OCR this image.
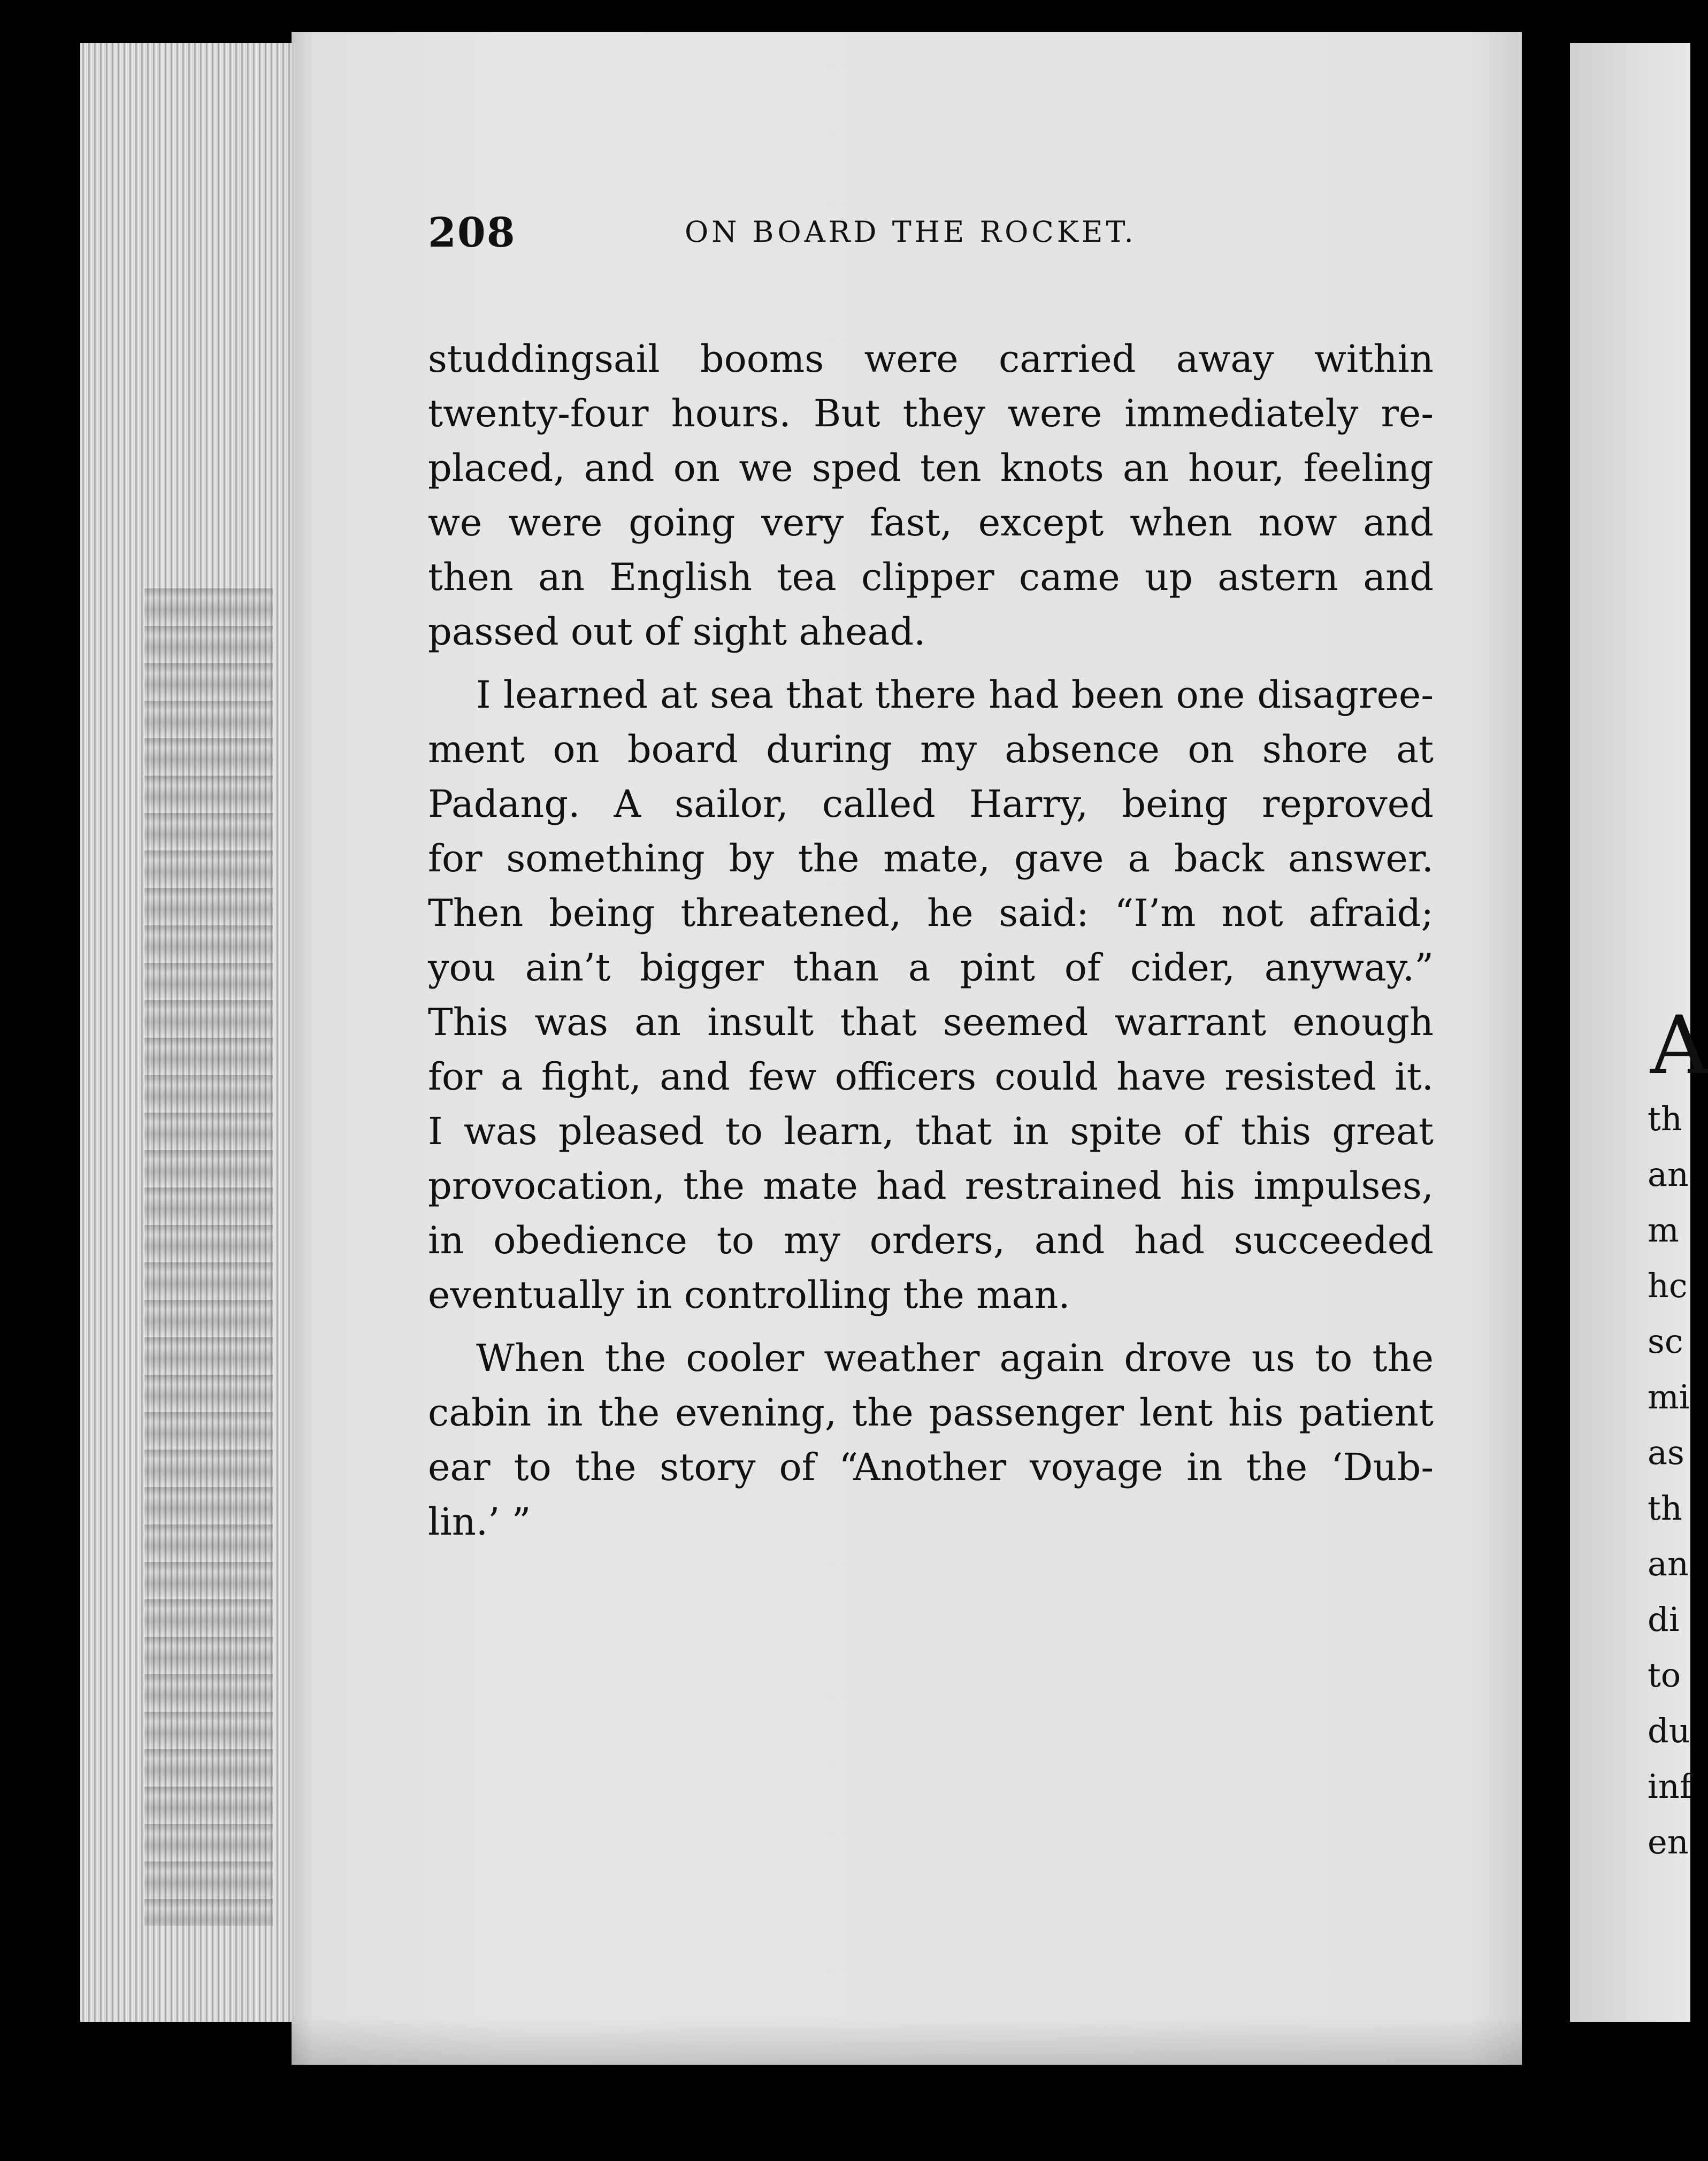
208	ON BOARD THE ROCKET.
studdingsail booms were carried away within
twenty-four hours. But they were immediately re-
placed, and on we sped ten knots an hour, feeling
we were going very fast, except when now and
then an English tea clipper came up astern and
passed out of sight ahead.
I learned at sea that there had been one disagree-
ment on board during my absence on shore at
Padang. A sailor, called Harry, being reproved
for something by the mate, gave a back answer.
Then being threatened, he said: “I’m not afraid;
you ain’t bigger than a pint of cider, anyway.”
This was an insult that seemed warrant enough
for a fight, and few officers could have resisted it.
I was pleased to learn, that in spite of this great
provocation, the mate had restrained his impulses,
in obedience to my orders, and had succeeded
eventually in controlling the man.
When the cooler weather again drove us to the
cabin in the evening, the passenger lent his patient
ear to the story of “Another voyage in the ‘Dub-
lin.’ ”
A
th
an
m
hc
sc
mi
as
th
an
di
to
du
inf
en
